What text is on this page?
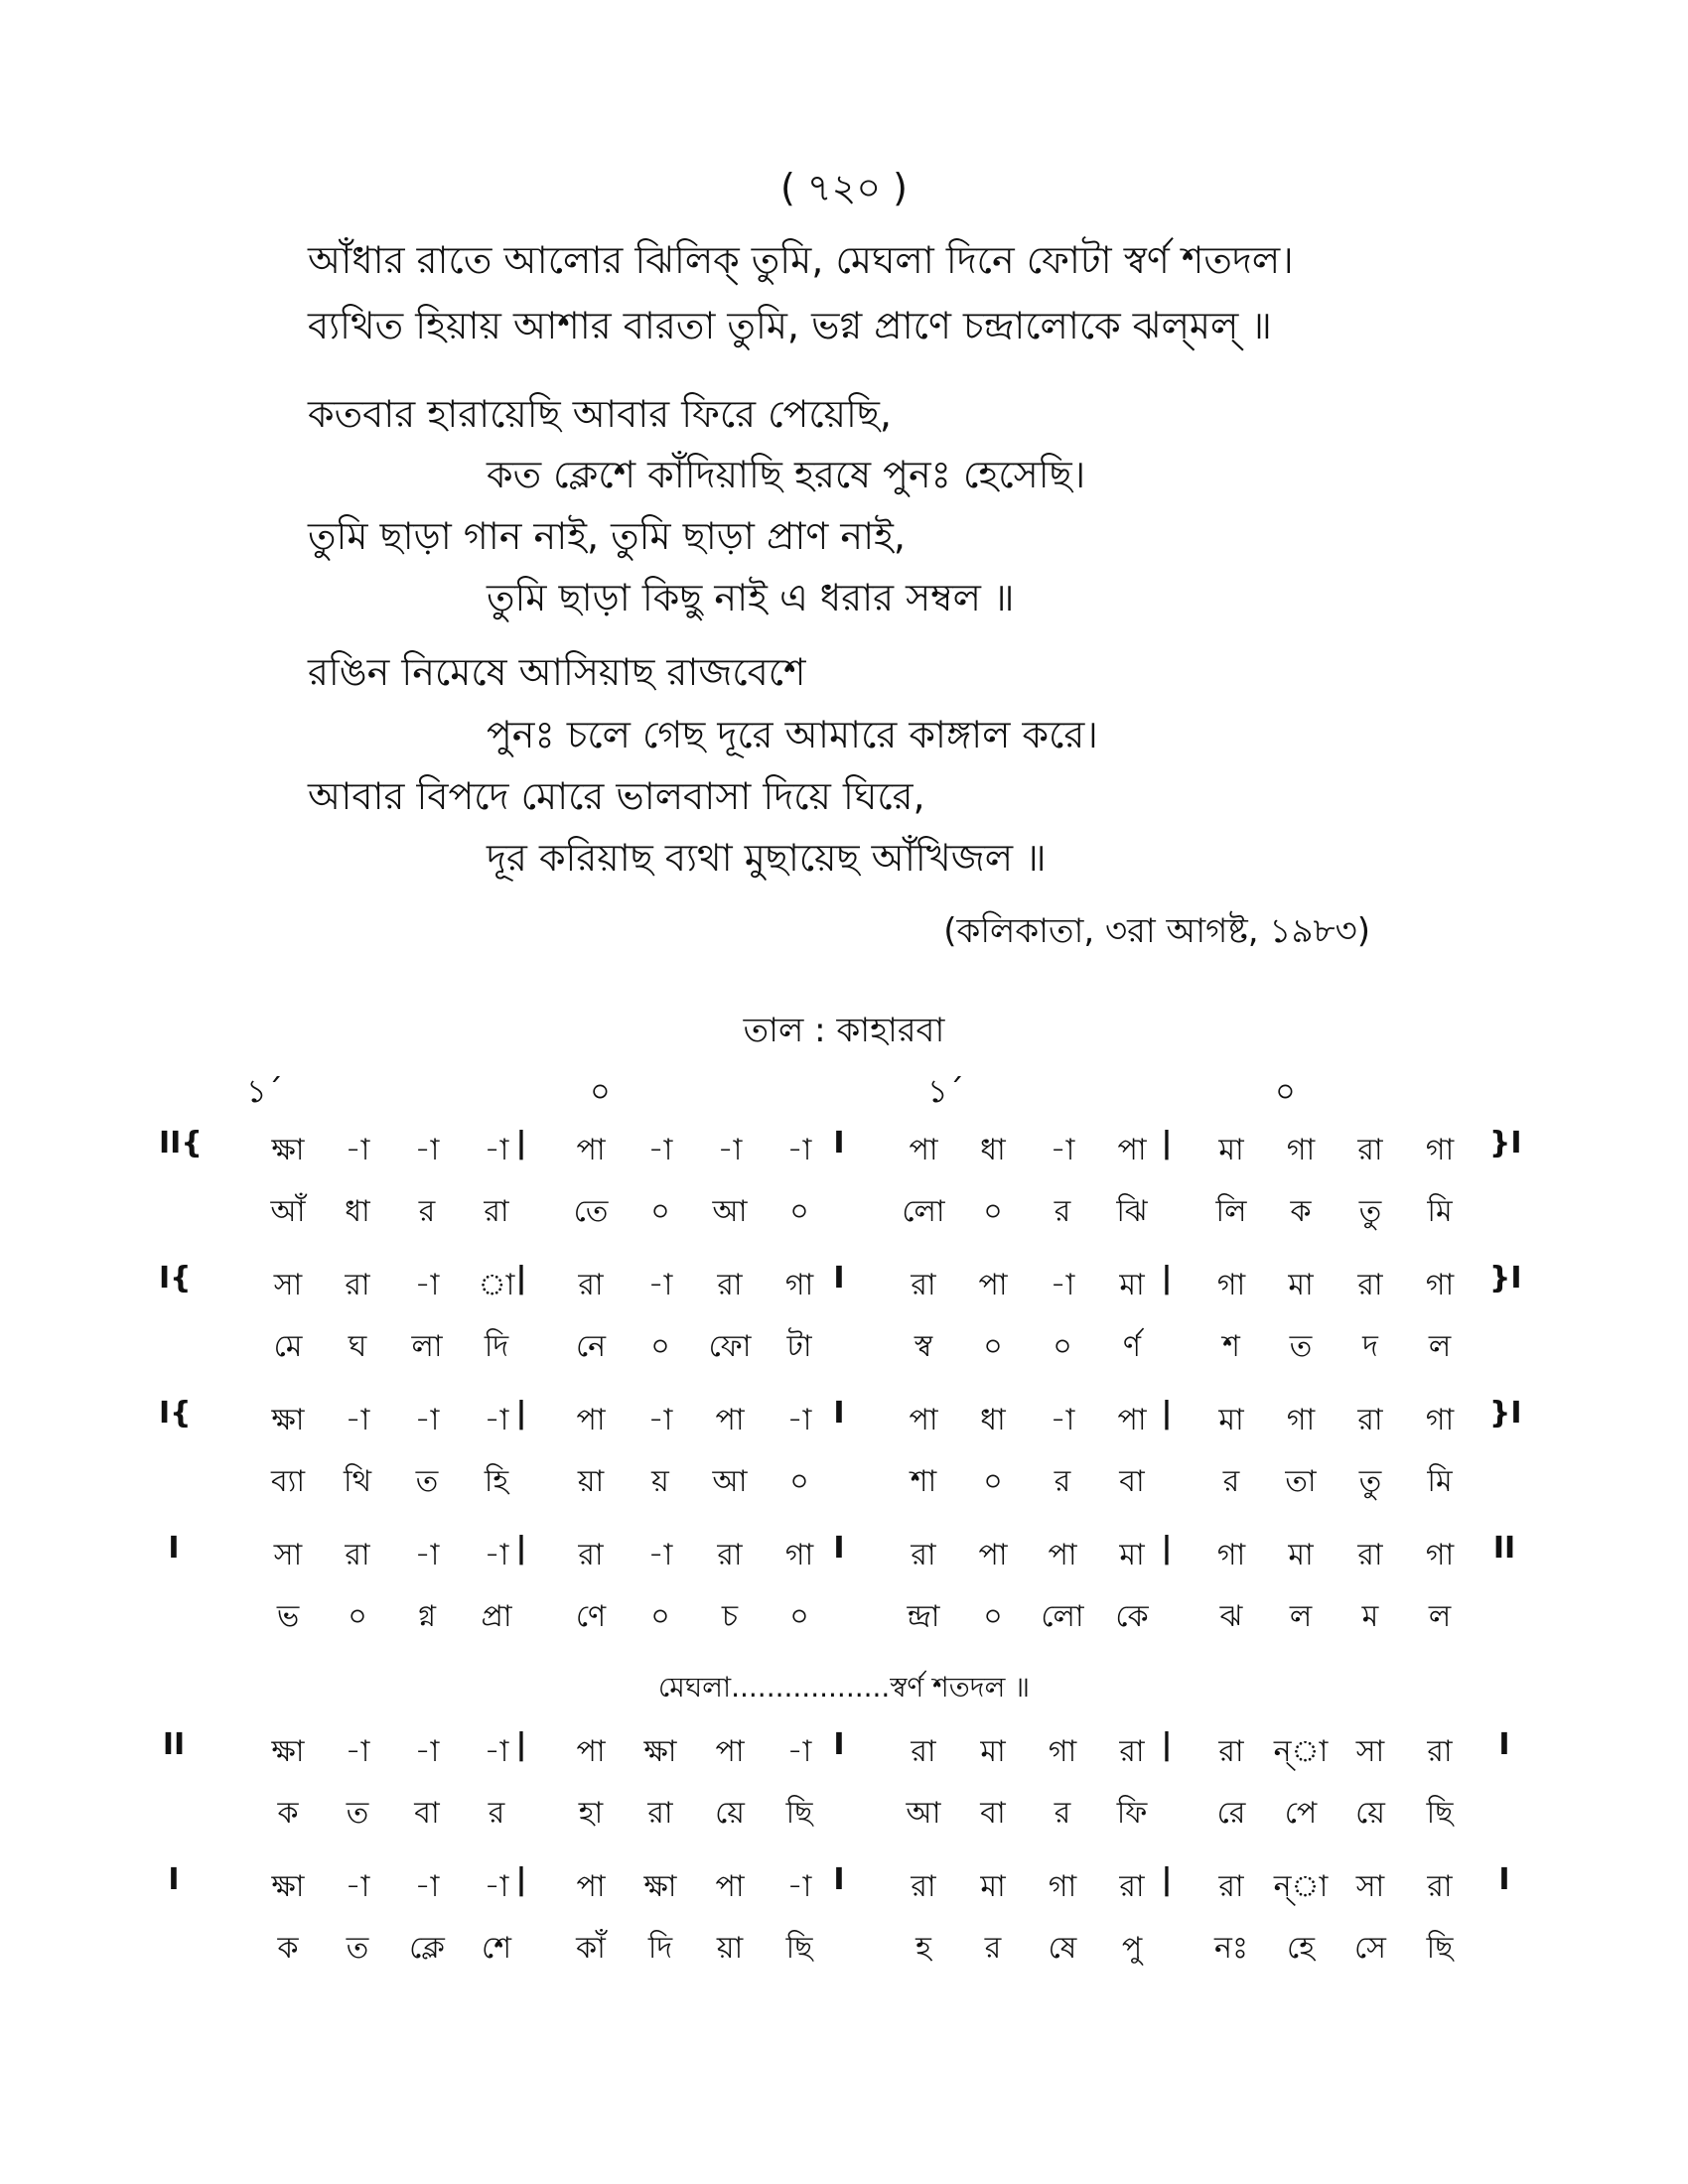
( ৭২০ )
আঁধার রাতে আলোর ঝিলিক্ তুমি, মেঘলা দিনে ফোটা স্বর্ণ শতদল।
ব্যথিত হিয়ায় আশার বারতা তুমি, ভগ্ন প্রাণে চন্দ্রালোকে ঝল্‌মল্ ॥
কতবার হারায়েছি আবার ফিরে পেয়েছি,
কত ক্লেশে কাঁদিয়াছি হরষে পুনঃ হেসেছি।
তুমি ছাড়া গান নাই, তুমি ছাড়া প্রাণ নাই,
তুমি ছাড়া কিছু নাই এ ধরার সম্বল ॥
রঙিন নিমেষে আসিয়াছ রাজবেশে
পুনঃ চলে গেছ দূরে আমারে কাঙ্গাল করে।
আবার বিপদে মোরে ভালবাসা দিয়ে ঘিরে,
দূর করিয়াছ ব্যথা মুছায়েছ আঁখিজল ॥
(কলিকাতা, ৩রা আগষ্ট, ১৯৮৩)
তাল : কাহারবা
১´	০	১´	০
II{	}I
|	I	|
ক্ষা	-া	-া	-া	পা	-া	-া	-া	পা	ধা	-া	পা	মা	গা	রা	গা
আঁ	ধা	র	রা	তে	০	আ	০	লো	০	র	ঝি	লি	ক	তু	মি
I{	}I
|	I	|
সা	রা	-া	া	রা	-া	রা	গা	রা	পা	-া	মা	গা	মা	রা	গা
মে	ঘ	লা	দি	নে	০	ফো	টা	স্ব	০	০	র্ণ	শ	ত	দ	ল
I{	}I
|	I	|
ক্ষা	-া	-া	-া	পা	-া	পা	-া	পা	ধা	-া	পা	মা	গা	রা	গা
ব্যা	থি	ত	হি	য়া	য়	আ	০	শা	০	র	বা	র	তা	তু	মি
I	II
|	I	|
সা	রা	-া	-া	রা	-া	রা	গা	রা	পা	পা	মা	গা	মা	রা	গা
ভ	০	গ্ন	প্রা	ণে	০	চ	০	ন্দ্রা	০	লো	কে	ঝ	ল	ম	ল
II	I
|	I	|
ক্ষা	-া	-া	-া	পা	ক্ষা	পা	-া	রা	মা	গা	রা	রা	ন্া সা	রা
ক	ত	বা	র	হা	রা	য়ে	ছি	আ	বা	র	ফি	রে	পে	য়ে	ছি
I	I
|	I	|
ক্ষা	-া	-া	-া	পা	ক্ষা	পা	-া	রা	মা	গা	রা	রা	ন্া সা	রা
ক	ত	ক্লে	শে	কাঁ	দি	য়া	ছি	হ	র	ষে	পু	নঃ	হে	সে	ছি
মেঘলা..................স্বর্ণ শতদল ॥
